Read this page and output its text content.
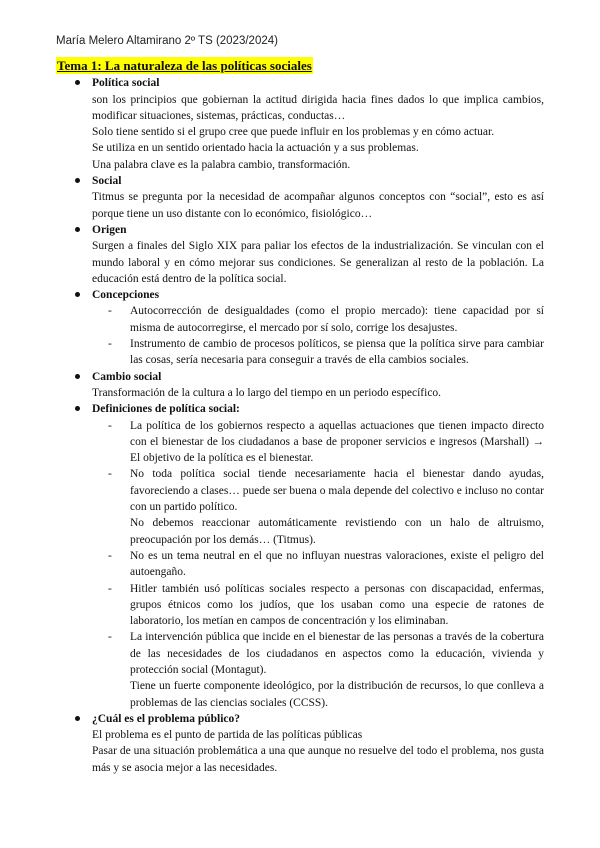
María Melero Altamirano 2º TS (2023/2024)
Tema 1: La naturaleza de las políticas sociales
Política social
son los principios que gobiernan la actitud dirigida hacia fines dados lo que implica cambios, modificar situaciones, sistemas, prácticas, conductas…
Solo tiene sentido si el grupo cree que puede influir en los problemas y en cómo actuar.
Se utiliza en un sentido orientado hacia la actuación y a sus problemas.
Una palabra clave es la palabra cambio, transformación.
Social
Titmus se pregunta por la necesidad de acompañar algunos conceptos con “social”, esto es así porque tiene un uso distante con lo económico, fisiológico…
Origen
Surgen a finales del Siglo XIX para paliar los efectos de la industrialización. Se vinculan con el mundo laboral y en cómo mejorar sus condiciones. Se generalizan al resto de la población. La educación está dentro de la política social.
Concepciones
- Autocorrección de desigualdades (como el propio mercado): tiene capacidad por sí misma de autocorregirse, el mercado por sí solo, corrige los desajustes.
- Instrumento de cambio de procesos políticos, se piensa que la política sirve para cambiar las cosas, sería necesaria para conseguir a través de ella cambios sociales.
Cambio social
Transformación de la cultura a lo largo del tiempo en un periodo específico.
Definiciones de política social:
- La política de los gobiernos respecto a aquellas actuaciones que tienen impacto directo con el bienestar de los ciudadanos a base de proponer servicios e ingresos (Marshall) → El objetivo de la política es el bienestar.
- No toda política social tiende necesariamente hacia el bienestar dando ayudas, favoreciendo a clases… puede ser buena o mala depende del colectivo e incluso no contar con un partido político.
No debemos reaccionar automáticamente revistiendo con un halo de altruismo, preocupación por los demás… (Titmus).
- No es un tema neutral en el que no influyan nuestras valoraciones, existe el peligro del autoengaño.
- Hitler también usó políticas sociales respecto a personas con discapacidad, enfermas, grupos étnicos como los judíos, que los usaban como una especie de ratones de laboratorio, los metían en campos de concentración y los eliminaban.
- La intervención pública que incide en el bienestar de las personas a través de la cobertura de las necesidades de los ciudadanos en aspectos como la educación, vivienda y protección social (Montagut).
Tiene un fuerte componente ideológico, por la distribución de recursos, lo que conlleva a problemas de las ciencias sociales (CCSS).
¿Cuál es el problema público?
El problema es el punto de partida de las políticas públicas
Pasar de una situación problemática a una que aunque no resuelve del todo el problema, nos gusta más y se asocia mejor a las necesidades.
